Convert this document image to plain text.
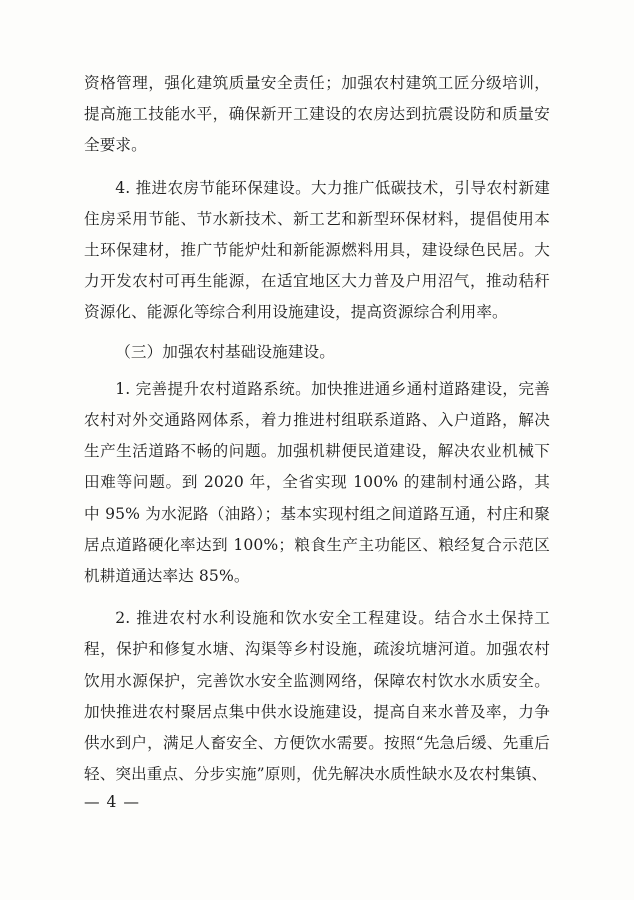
资格管理，强化建筑质量安全责任；加强农村建筑工匠分级培训，提高施工技能水平，确保新开工建设的农房达到抗震设防和质量安全要求。

4. 推进农房节能环保建设。大力推广低碳技术，引导农村新建住房采用节能、节水新技术、新工艺和新型环保材料，提倡使用本土环保建材，推广节能炉灶和新能源燃料用具，建设绿色民居。大力开发农村可再生能源，在适宜地区大力普及户用沼气，推动秸秆资源化、能源化等综合利用设施建设，提高资源综合利用率。

（三）加强农村基础设施建设。

1. 完善提升农村道路系统。加快推进通乡通村道路建设，完善农村对外交通路网体系，着力推进村组联系道路、入户道路，解决生产生活道路不畅的问题。加强机耕便民道建设，解决农业机械下田难等问题。到 2020 年，全省实现 100% 的建制村通公路，其中 95% 为水泥路（油路）；基本实现村组之间道路互通，村庄和聚居点道路硬化率达到 100%；粮食生产主功能区、粮经复合示范区机耕道通达率达 85%。

2. 推进农村水利设施和饮水安全工程建设。结合水土保持工程，保护和修复水塘、沟渠等乡村设施，疏浚坑塘河道。加强农村饮用水源保护，完善饮水安全监测网络，保障农村饮水水质安全。加快推进农村聚居点集中供水设施建设，提高自来水普及率，力争供水到户，满足人畜安全、方便饮水需要。按照“先急后缓、先重后轻、突出重点、分步实施”原则，优先解决水质性缺水及农村集镇、

— 4 —
